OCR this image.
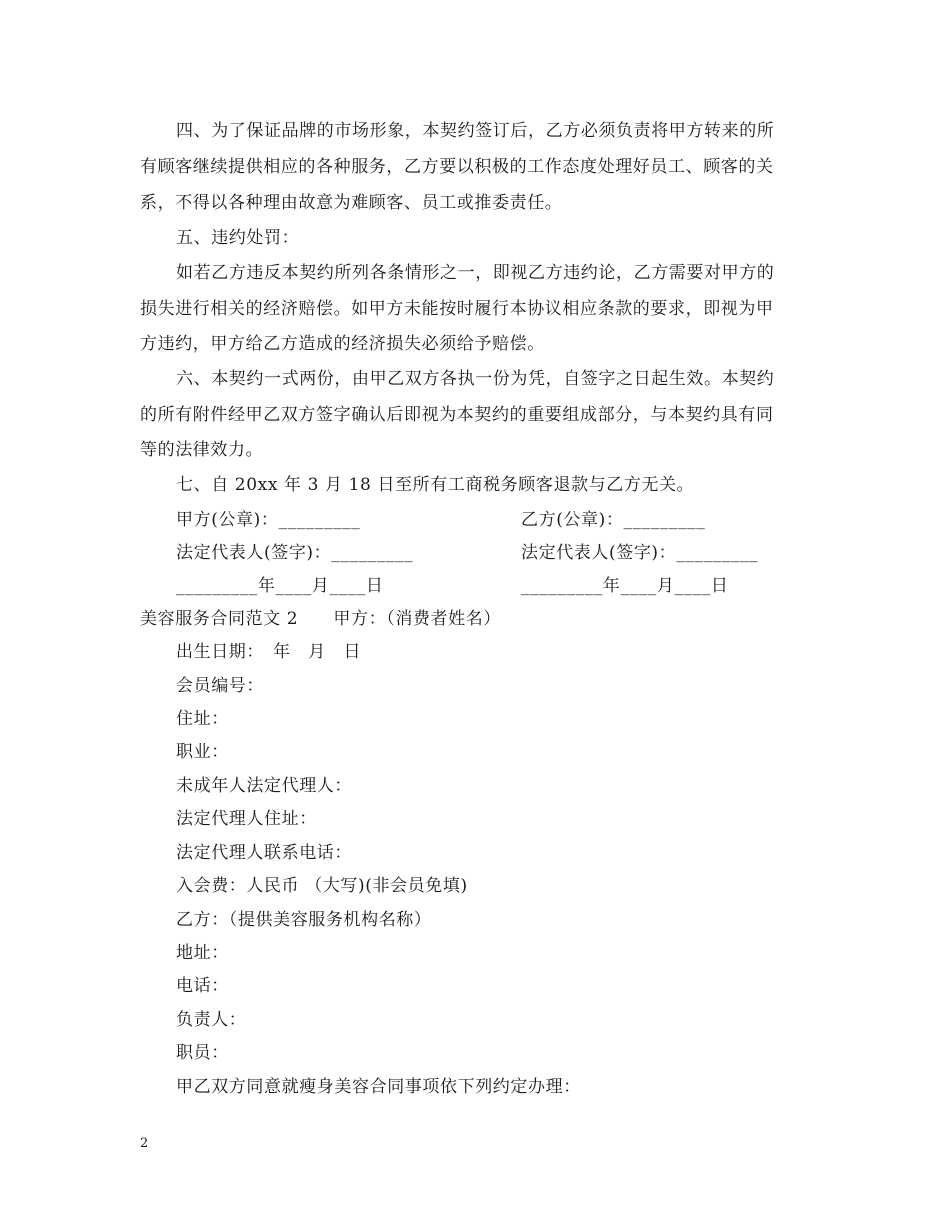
四、为了保证品牌的市场形象，本契约签订后，乙方必须负责将甲方转来的所
有顾客继续提供相应的各种服务，乙方要以积极的工作态度处理好员工、顾客的关
系，不得以各种理由故意为难顾客、员工或推委责任。
五、违约处罚：
如若乙方违反本契约所列各条情形之一，即视乙方违约论，乙方需要对甲方的
损失进行相关的经济赔偿。如甲方未能按时履行本协议相应条款的要求，即视为甲
方违约，甲方给乙方造成的经济损失必须给予赔偿。
六、本契约一式两份，由甲乙双方各执一份为凭，自签字之日起生效。本契约
的所有附件经甲乙双方签字确认后即视为本契约的重要组成部分，与本契约具有同
等的法律效力。
七、自 20xx 年 3 月 18 日至所有工商税务顾客退款与乙方无关。
甲方(公章)：_________	乙方(公章)：_________
法定代表人(签字)：_________	法定代表人(签字)：_________
_________年____月____日	_________年____月____日
美容服务合同范文 2　　甲方：（消费者姓名）
出生日期：　年　月　日
会员编号：
住址：
职业：
未成年人法定代理人：
法定代理人住址：
法定代理人联系电话：
入会费：人民币 （大写)(非会员免填)
乙方：（提供美容服务机构名称）
地址：
电话：
负责人：
职员：
甲乙双方同意就瘦身美容合同事项依下列约定办理：
2
